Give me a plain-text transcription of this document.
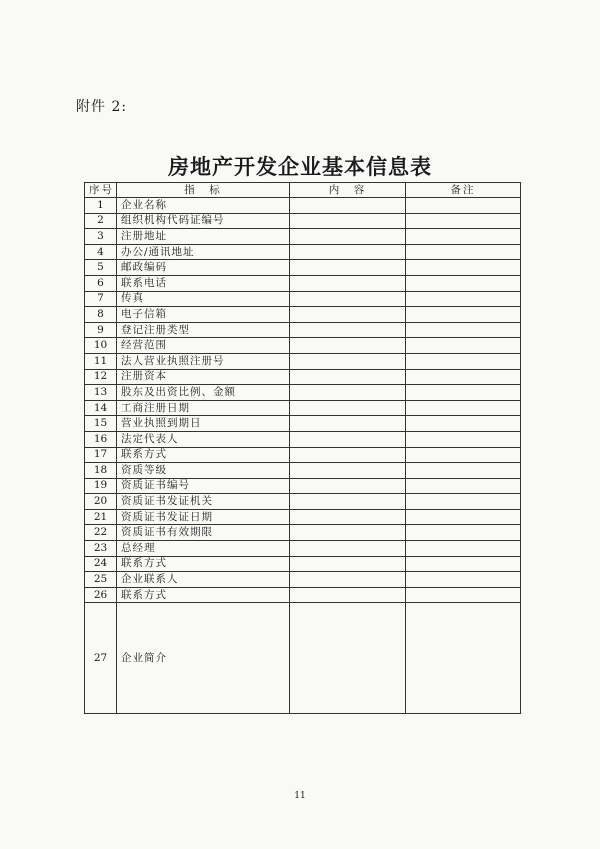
附件 2:
房地产开发企业基本信息表
序号	指　标	内　容	备注
1	企业名称		
2	组织机构代码证编号		
3	注册地址		
4	办公/通讯地址		
5	邮政编码		
6	联系电话		
7	传真		
8	电子信箱		
9	登记注册类型		
10	经营范围		
11	法人营业执照注册号		
12	注册资本		
13	股东及出资比例、金额		
14	工商注册日期		
15	营业执照到期日		
16	法定代表人		
17	联系方式		
18	资质等级		
19	资质证书编号		
20	资质证书发证机关		
21	资质证书发证日期		
22	资质证书有效期限		
23	总经理		
24	联系方式		
25	企业联系人		
26	联系方式		
27	企业简介		
11
